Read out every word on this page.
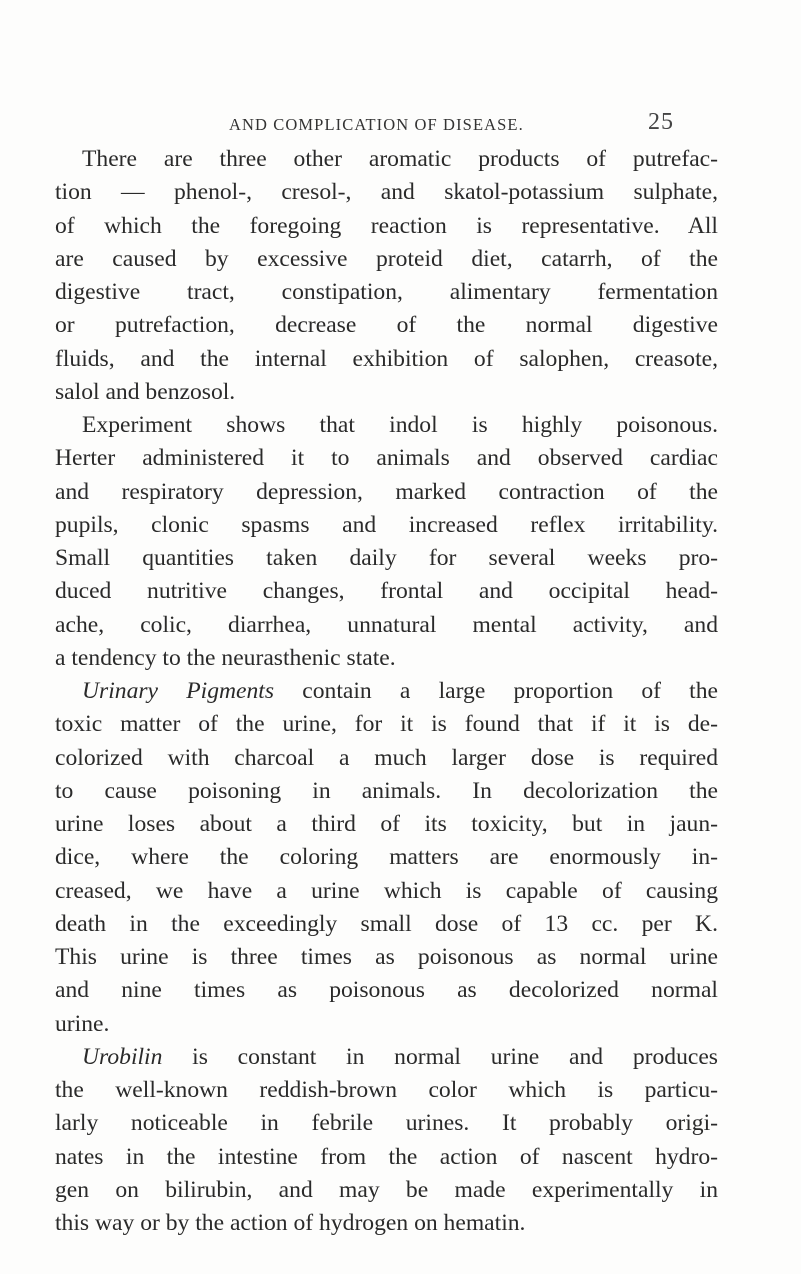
AND COMPLICATION OF DISEASE.	25
There are three other aromatic products of putrefac-
tion — phenol-, cresol-, and skatol-potassium sulphate,
of which the foregoing reaction is representative. All
are caused by excessive proteid diet, catarrh, of the
digestive tract, constipation, alimentary fermentation
or putrefaction, decrease of the normal digestive
fluids, and the internal exhibition of salophen, creasote,
salol and benzosol.
Experiment shows that indol is highly poisonous.
Herter administered it to animals and observed cardiac
and respiratory depression, marked contraction of the
pupils, clonic spasms and increased reflex irritability.
Small quantities taken daily for several weeks pro-
duced nutritive changes, frontal and occipital head-
ache, colic, diarrhea, unnatural mental activity, and
a tendency to the neurasthenic state.
Urinary Pigments contain a large proportion of the
toxic matter of the urine, for it is found that if it is de-
colorized with charcoal a much larger dose is required
to cause poisoning in animals. In decolorization the
urine loses about a third of its toxicity, but in jaun-
dice, where the coloring matters are enormously in-
creased, we have a urine which is capable of causing
death in the exceedingly small dose of 13 cc. per K.
This urine is three times as poisonous as normal urine
and nine times as poisonous as decolorized normal
urine.
Urobilin is constant in normal urine and produces
the well-known reddish-brown color which is particu-
larly noticeable in febrile urines. It probably origi-
nates in the intestine from the action of nascent hydro-
gen on bilirubin, and may be made experimentally in
this way or by the action of hydrogen on hematin.
